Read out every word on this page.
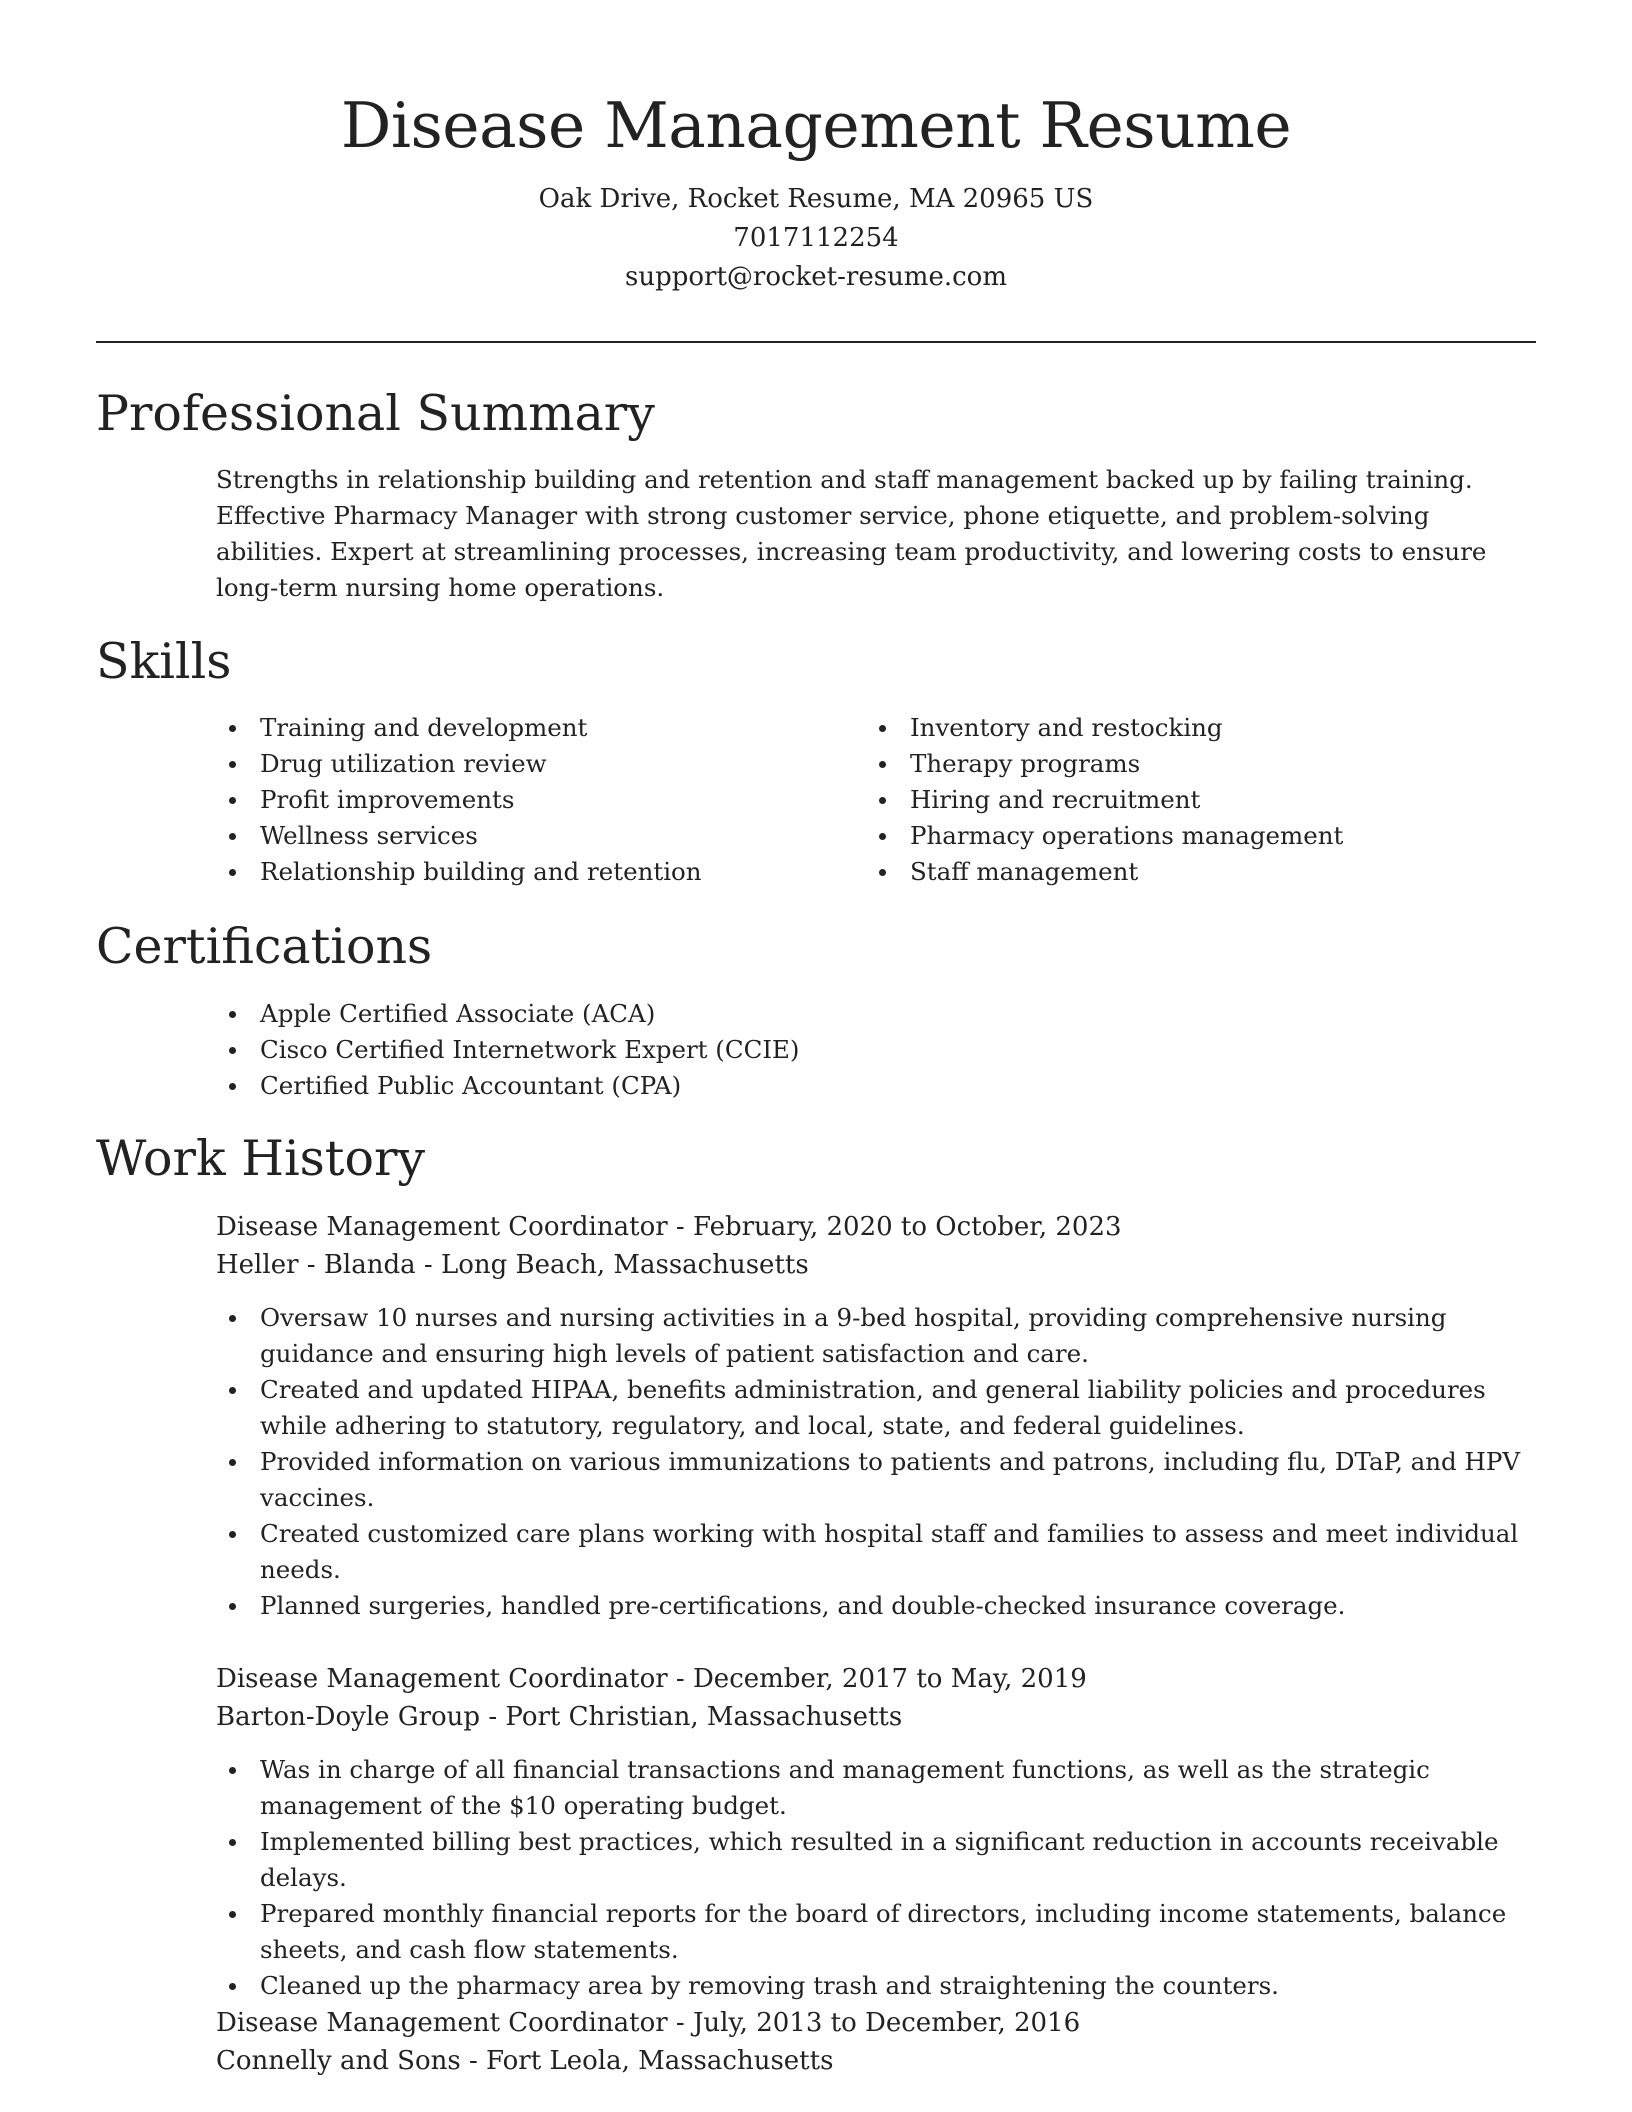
Disease Management Resume
Oak Drive, Rocket Resume, MA 20965 US
7017112254
support@rocket-resume.com
Professional Summary
Strengths in relationship building and retention and staff management backed up by failing training. Effective Pharmacy Manager with strong customer service, phone etiquette, and problem-solving abilities. Expert at streamlining processes, increasing team productivity, and lowering costs to ensure long-term nursing home operations.
Skills
Training and development
Drug utilization review
Profit improvements
Wellness services
Relationship building and retention
Inventory and restocking
Therapy programs
Hiring and recruitment
Pharmacy operations management
Staff management
Certifications
Apple Certified Associate (ACA)
Cisco Certified Internetwork Expert (CCIE)
Certified Public Accountant (CPA)
Work History
Disease Management Coordinator - February, 2020 to October, 2023
Heller - Blanda - Long Beach, Massachusetts
Oversaw 10 nurses and nursing activities in a 9-bed hospital, providing comprehensive nursing guidance and ensuring high levels of patient satisfaction and care.
Created and updated HIPAA, benefits administration, and general liability policies and procedures while adhering to statutory, regulatory, and local, state, and federal guidelines.
Provided information on various immunizations to patients and patrons, including flu, DTaP, and HPV vaccines.
Created customized care plans working with hospital staff and families to assess and meet individual needs.
Planned surgeries, handled pre-certifications, and double-checked insurance coverage.
Disease Management Coordinator - December, 2017 to May, 2019
Barton-Doyle Group - Port Christian, Massachusetts
Was in charge of all financial transactions and management functions, as well as the strategic management of the $10 operating budget.
Implemented billing best practices, which resulted in a significant reduction in accounts receivable delays.
Prepared monthly financial reports for the board of directors, including income statements, balance sheets, and cash flow statements.
Cleaned up the pharmacy area by removing trash and straightening the counters.
Disease Management Coordinator - July, 2013 to December, 2016
Connelly and Sons - Fort Leola, Massachusetts
